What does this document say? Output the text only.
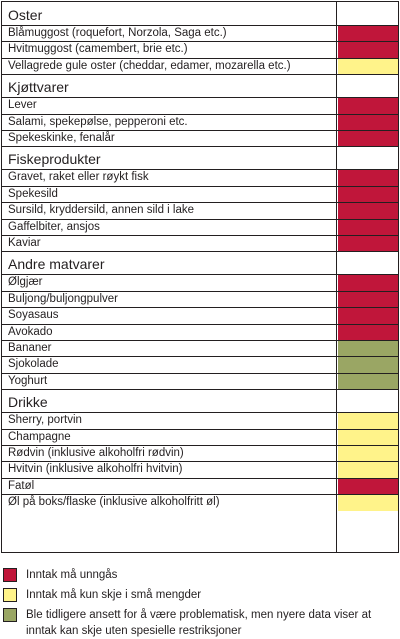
Oster
Blåmuggost (roquefort, Norzola, Saga etc.)
Hvitmuggost (camembert, brie etc.)
Vellagrede gule oster (cheddar, edamer, mozarella etc.)
Kjøttvarer
Lever
Salami, spekepølse, pepperoni etc.
Spekeskinke, fenalår
Fiskeprodukter
Gravet, raket eller røykt fisk
Spekesild
Sursild, kryddersild, annen sild i lake
Gaffelbiter, ansjos
Kaviar
Andre matvarer
Ølgjær
Buljong/buljongpulver
Soyasaus
Avokado
Bananer
Sjokolade
Yoghurt
Drikke
Sherry, portvin
Champagne
Rødvin (inklusive alkoholfri rødvin)
Hvitvin (inklusive alkoholfri hvitvin)
Fatøl
Øl på boks/flaske (inklusive alkoholfritt øl)
Inntak må unngås
Inntak må kun skje i små mengder
Ble tidligere ansett for å være problematisk, men nyere data viser at inntak kan skje uten spesielle restriksjoner
